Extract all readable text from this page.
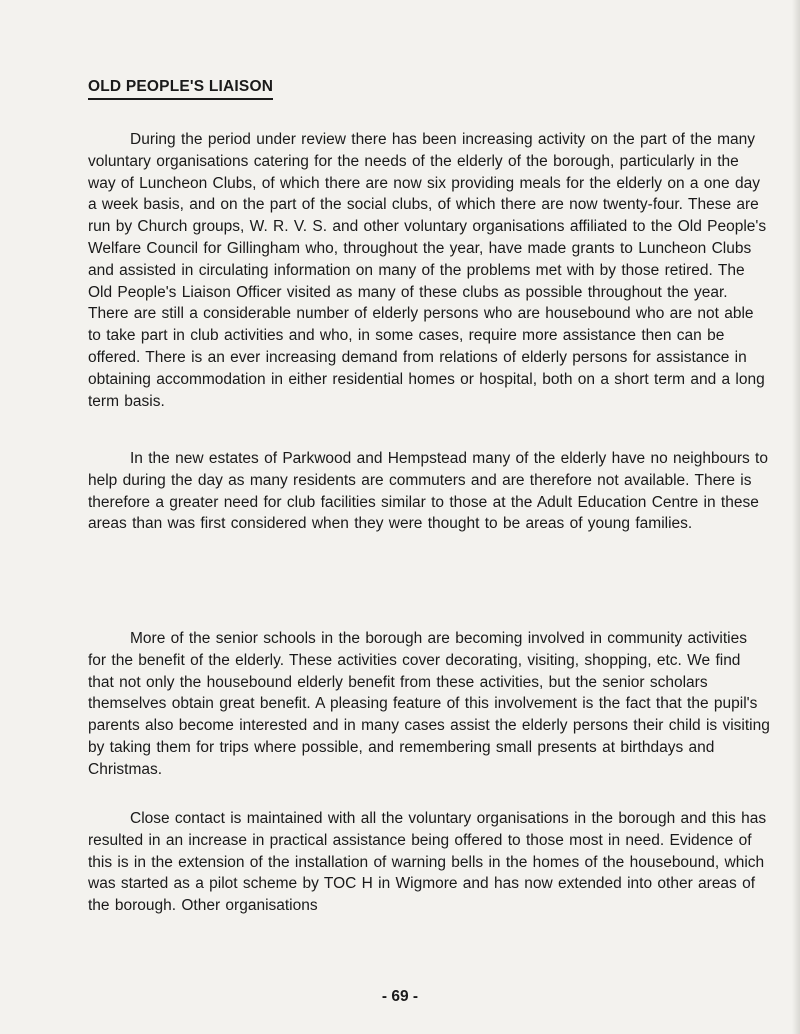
OLD PEOPLE'S LIAISON

During the period under review there has been increasing activity on the part of the many voluntary organisations catering for the needs of the elderly of the borough, particularly in the way of Luncheon Clubs, of which there are now six providing meals for the elderly on a one day a week basis, and on the part of the social clubs, of which there are now twenty-four. These are run by Church groups, W. R. V. S. and other voluntary organisations affiliated to the Old People's Welfare Council for Gillingham who, throughout the year, have made grants to Luncheon Clubs and assisted in circulating information on many of the problems met with by those retired. The Old People's Liaison Officer visited as many of these clubs as possible throughout the year. There are still a considerable number of elderly persons who are housebound who are not able to take part in club activities and who, in some cases, require more assistance then can be offered. There is an ever increasing demand from relations of elderly persons for assistance in obtaining accommodation in either residential homes or hospital, both on a short term and a long term basis.

In the new estates of Parkwood and Hempstead many of the elderly have no neighbours to help during the day as many residents are commuters and are therefore not available. There is therefore a greater need for club facilities similar to those at the Adult Education Centre in these areas than was first considered when they were thought to be areas of young families.

More of the senior schools in the borough are becoming involved in community activities for the benefit of the elderly. These activities cover decorating, visiting, shopping, etc. We find that not only the housebound elderly benefit from these activities, but the senior scholars themselves obtain great benefit. A pleasing feature of this involvement is the fact that the pupil's parents also become interested and in many cases assist the elderly persons their child is visiting by taking them for trips where possible, and remembering small presents at birthdays and Christmas.

Close contact is maintained with all the voluntary organisations in the borough and this has resulted in an increase in practical assistance being offered to those most in need. Evidence of this is in the extension of the installation of warning bells in the homes of the housebound, which was started as a pilot scheme by TOC H in Wigmore and has now extended into other areas of the borough. Other organisations

- 69 -
